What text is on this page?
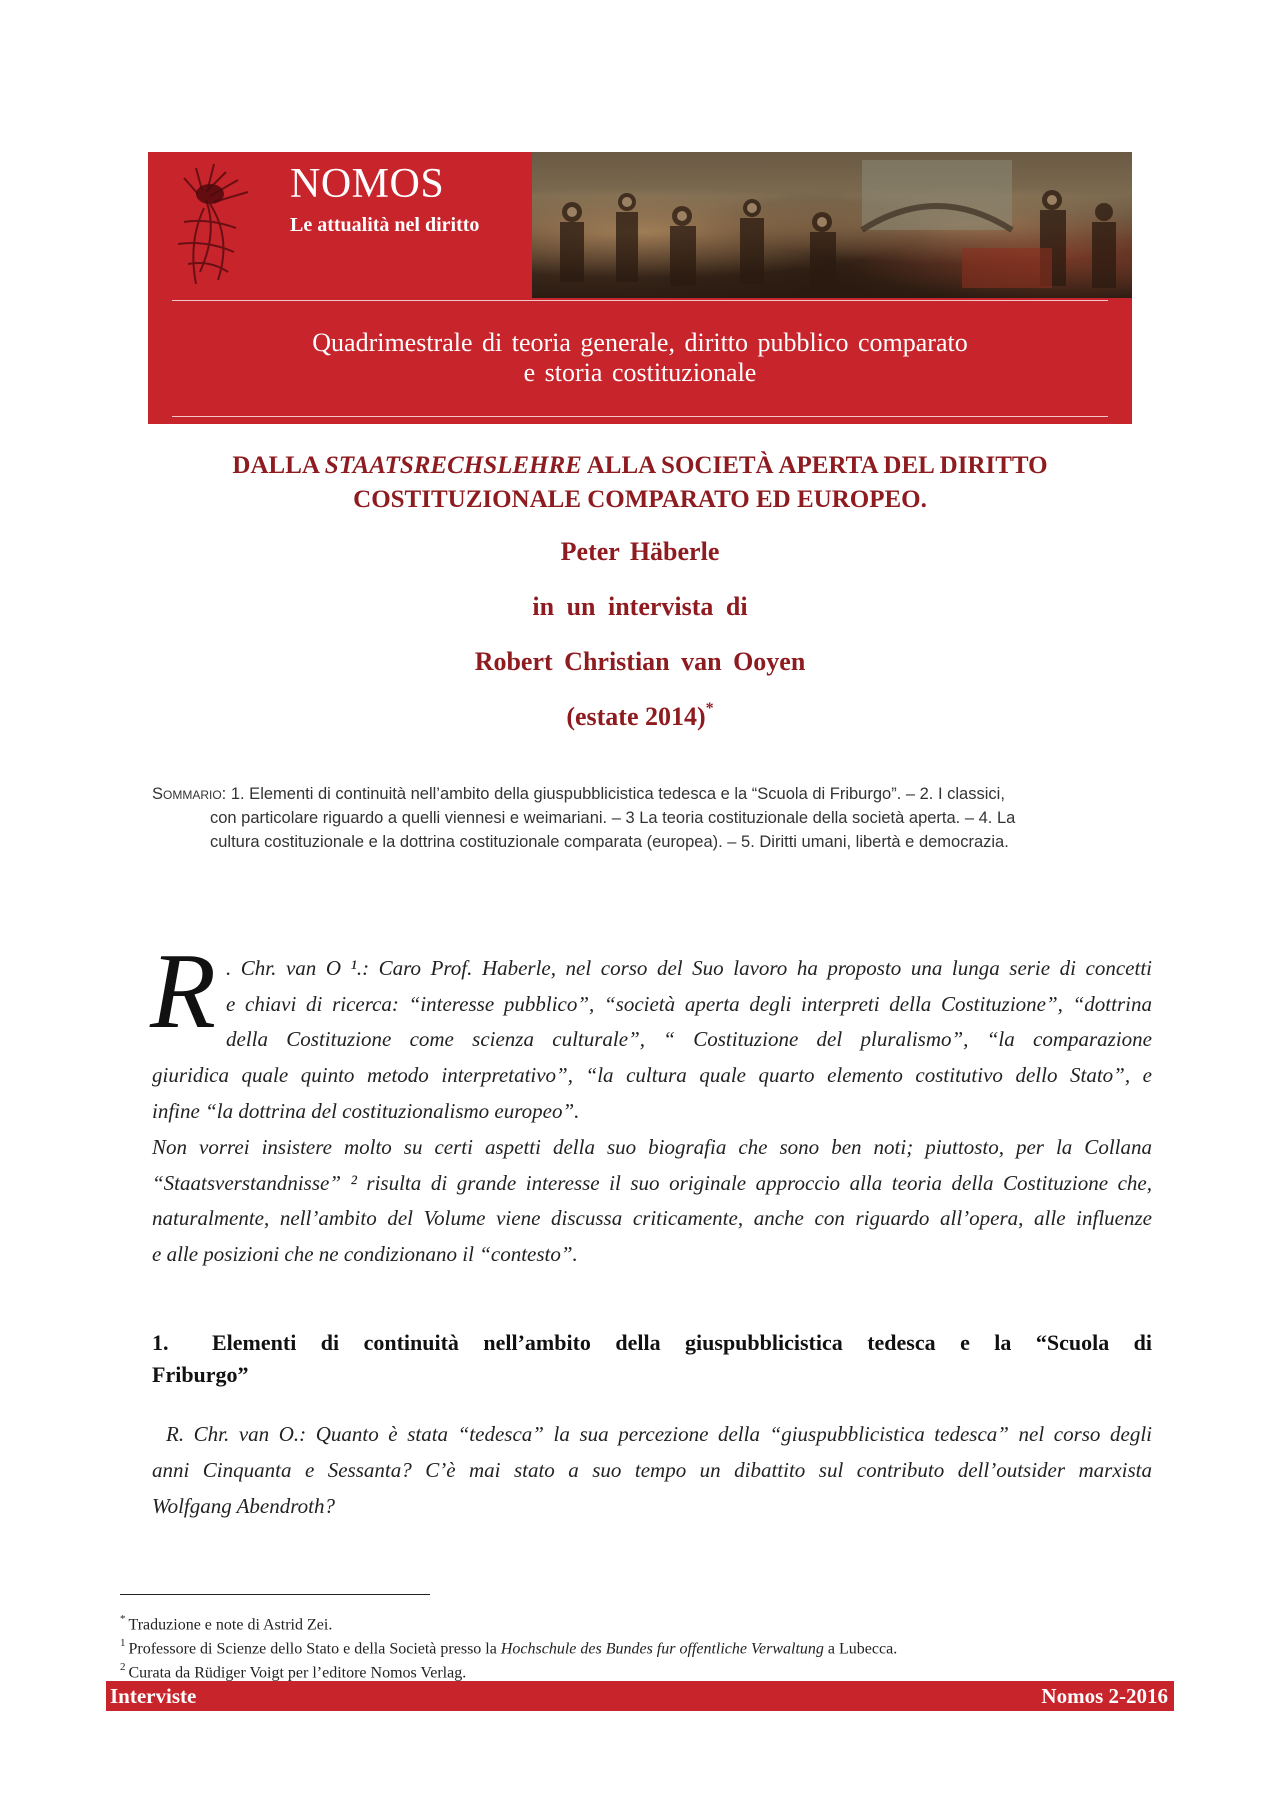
NOMOS
Le attualità nel diritto
Quadrimestrale di teoria generale, diritto pubblico comparato
e storia costituzionale
DALLA STAATSRECHSLEHRE ALLA SOCIETÀ APERTA DEL DIRITTO
COSTITUZIONALE COMPARATO ED EUROPEO.
Peter Häberle
in un intervista di
Robert Christian van Ooyen
(estate 2014)*
Sommario: 1. Elementi di continuità nell’ambito della giuspubblicistica tedesca e la “Scuola di Friburgo”. – 2. I classici,
con particolare riguardo a quelli viennesi e weimariani. – 3 La teoria costituzionale della società aperta. – 4. La
cultura costituzionale e la dottrina costituzionale comparata (europea). – 5. Diritti umani, libertà e democrazia.
R . Chr. van O ¹.: Caro Prof. Haberle, nel corso del Suo lavoro ha proposto una lunga serie di concetti
e chiavi di ricerca: “interesse pubblico”, “società aperta degli interpreti della Costituzione”, “dottrina
della Costituzione come scienza culturale”, “ Costituzione del pluralismo”, “la comparazione
giuridica quale quinto metodo interpretativo”, “la cultura quale quarto elemento costitutivo dello Stato”, e
infine “la dottrina del costituzionalismo europeo”.
Non vorrei insistere molto su certi aspetti della suo biografia che sono ben noti; piuttosto, per la Collana
“Staatsverstandnisse” ² risulta di grande interesse il suo originale approccio alla teoria della Costituzione che,
naturalmente, nell’ambito del Volume viene discussa criticamente, anche con riguardo all’opera, alle influenze
e alle posizioni che ne condizionano il “contesto”.
1. Elementi di continuità nell’ambito della giuspubblicistica tedesca e la “Scuola di
Friburgo”
R. Chr. van O.: Quanto è stata “tedesca” la sua percezione della “giuspubblicistica tedesca” nel corso degli
anni Cinquanta e Sessanta? C’è mai stato a suo tempo un dibattito sul contributo dell’outsider marxista
Wolfgang Abendroth?
* Traduzione e note di Astrid Zei.
$^1$ Professore di Scienze dello Stato e della Società presso la Hochschule des Bundes fur offentliche Verwaltung a Lubecca.
$^2$ Curata da Rüdiger Voigt per l’editore Nomos Verlag.
Interviste	Nomos 2-2016
